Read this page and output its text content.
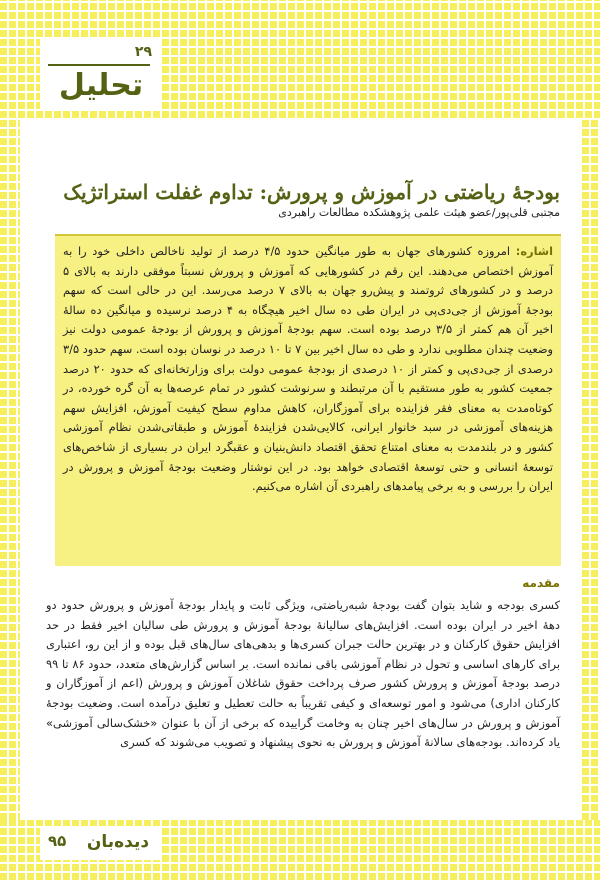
۲۹
تحلیل
بودجهٔ ریاضتی در آموزش و پرورش: تداوم غفلت استراتژیک
مجتبی قلی‌پور/عضو هیئت علمی پژوهشکده مطالعات راهبردی

اشاره: امروزه کشورهای جهان به طور میانگین حدود ۴/۵ درصد از تولید ناخالص داخلی خود را به آموزش اختصاص می‌دهند. این رقم در کشورهایی که آموزش و پرورش نسبتاً موفقی دارند به بالای ۵ درصد و در کشورهای ثروتمند و پیش‌رو جهان به بالای ۷ درصد می‌رسد. این در حالی است که سهم بودجهٔ آموزش از جی‌دی‌پی در ایران طی ده سال اخیر هیچگاه به ۴ درصد نرسیده و میانگین ده سالهٔ اخیر آن هم کمتر از ۳/۵ درصد بوده است. سهم بودجهٔ آموزش و پرورش از بودجهٔ عمومی دولت نیز وضعیت چندان مطلوبی ندارد و طی ده سال اخیر بین ۷ تا ۱۰ درصد در نوسان بوده است. سهم حدود ۳/۵ درصدی از جی‌دی‌پی و کمتر از ۱۰ درصدی از بودجهٔ عمومی دولت برای وزارتخانه‌ای که حدود ۲۰ درصد جمعیت کشور به طور مستقیم با آن مرتبطند و سرنوشت کشور در تمام عرصه‌ها به آن گره خورده، در کوتاه‌مدت به معنای فقر فزاینده برای آموزگاران، کاهش مداوم سطح کیفیت آموزش، افزایش سهم هزینه‌های آموزشی در سبد خانوار ایرانی، کالایی‌شدن فزایندهٔ آموزش و طبقاتی‌شدن نظام آموزشی کشور و در بلندمدت به معنای امتناع تحقق اقتصاد دانش‌بنیان و عقبگرد ایران در بسیاری از شاخص‌های توسعهٔ انسانی و حتی توسعهٔ اقتصادی خواهد بود. در این نوشتار وضعیت بودجهٔ آموزش و پرورش در ایران را بررسی و به برخی پیامدهای راهبردی آن اشاره می‌کنیم.

مقدمه

کسری بودجه و شاید بتوان گفت بودجهٔ شبه‌ریاضتی، ویژگی ثابت و پایدار بودجهٔ آموزش و پرورش حدود دو دههٔ اخیر در ایران بوده است. افزایش‌های سالیانهٔ بودجهٔ آموزش و پرورش طی سالیان اخیر فقط در حد افزایش حقوق کارکنان و در بهترین حالت جبران کسری‌ها و بدهی‌های سال‌های قبل بوده و از این رو، اعتباری برای کارهای اساسی و تحول در نظام آموزشی باقی نمانده است. بر اساس گزارش‌های متعدد، حدود ۸۶ تا ۹۹ درصد بودجهٔ آموزش و پرورش کشور صرف پرداخت حقوق شاغلان آموزش و پرورش (اعم از آموزگاران و کارکنان اداری) می‌شود و امور توسعه‌ای و کیفی تقریباً به حالت تعطیل و تعلیق درآمده است. وضعیت بودجهٔ آموزش و پرورش در سال‌های اخیر چنان به وخامت گراییده که برخی از آن با عنوان «خشک‌سالی آموزشی» یاد کرده‌اند. بودجه‌های سالانهٔ آموزش و پرورش به نحوی پیشنهاد و تصویب می‌شوند که کسری

۹۵ دیده‌بان
